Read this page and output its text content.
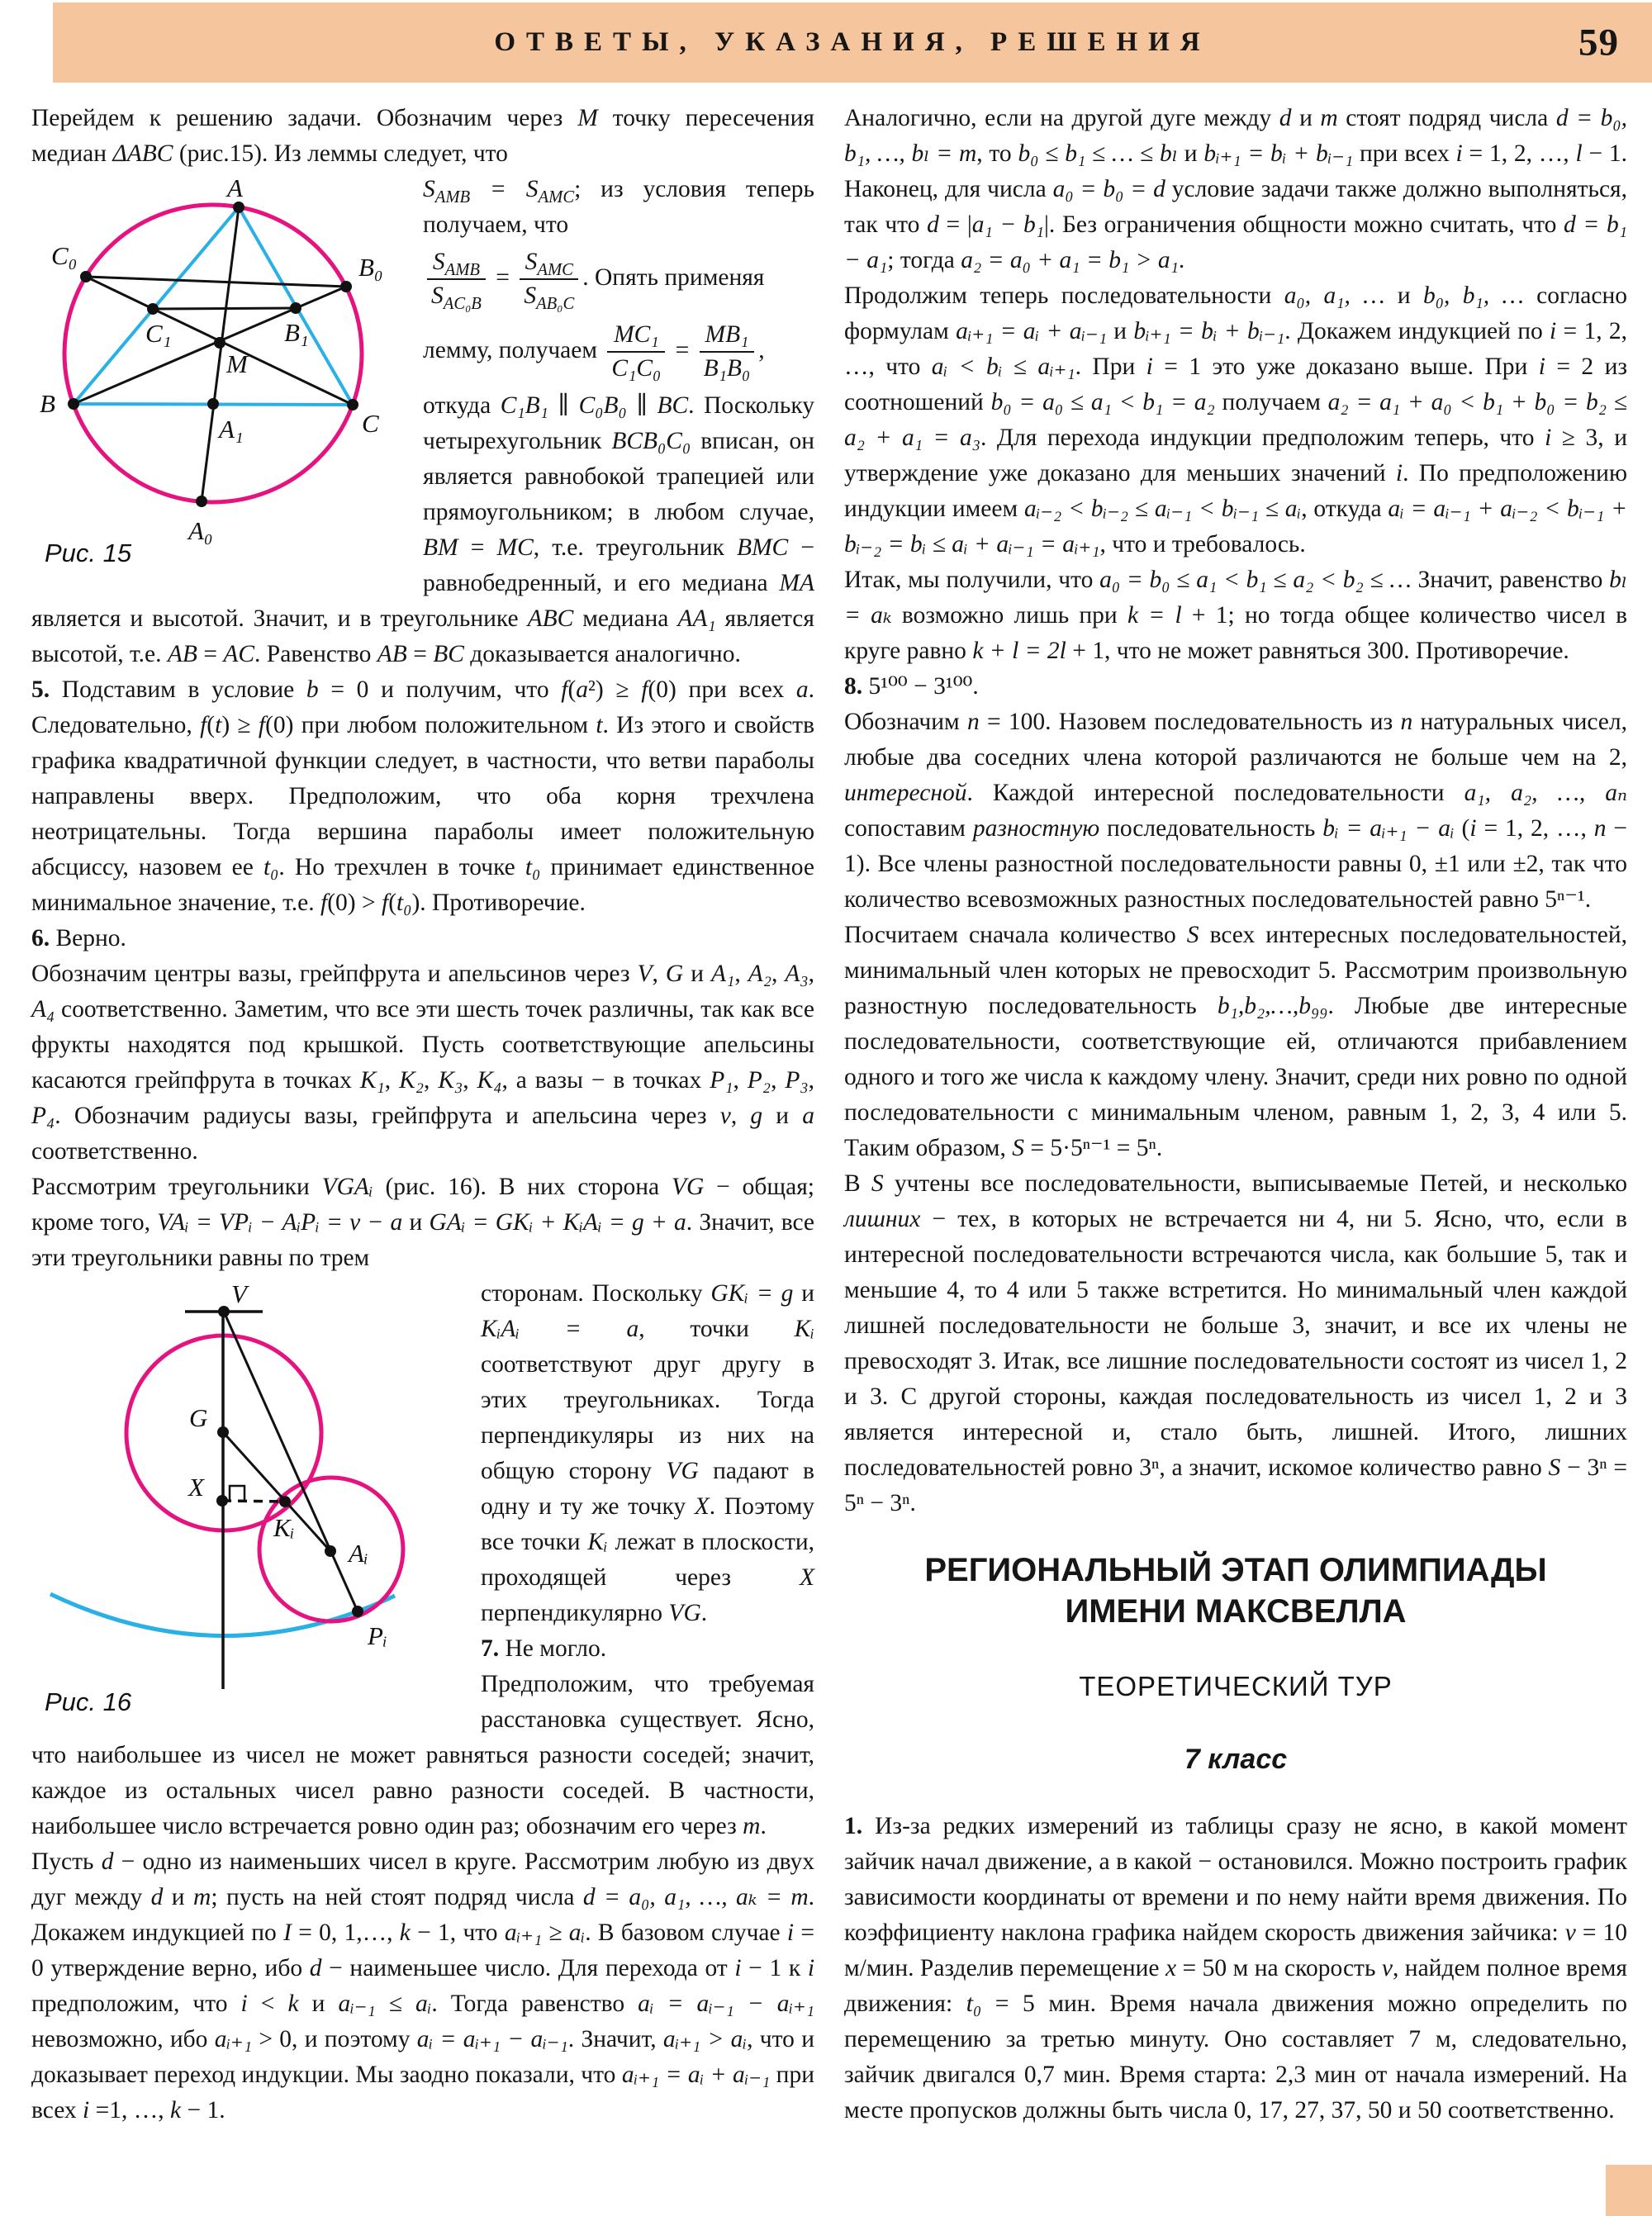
ОТВЕТЫ, УКАЗАНИЯ, РЕШЕНИЯ	59

Перейдем к решению задачи. Обозначим через M точку пересечения медиан ΔABC (рис.15). Из леммы следует, что

A
C₀	B₀
C₁	B₁
M
B
C
A₁
A₀
Рис. 15

$S_{AMB} = S_{AMC}$; из условия теперь получаем, что

$\frac{S_{AMB}}{S_{AC_0B}} = \frac{S_{AMC}}{S_{AB_0C}}$ . Опять применяя

лемму, получаем $\frac{\text{MC₁}}{\text{C₁C₀}} = \frac{\text{MB₁}}{\text{B₁B₀}}$ ,

откуда C₁B₁ ∥ C₀B₀ ∥ BC. Поскольку четырехугольник BCB₀C₀ вписан, он является равнобокой трапецией или прямоугольником; в любом случае, BM = MC, т.е. треугольник BMC − равнобедренный, и его медиана MA является и высотой. Значит, и в треугольнике ABC медиана AA₁ является высотой, т.е. AB = AC. Равенство AB = BC доказывается аналогично.

5. Подставим в условие b = 0 и получим, что f(a²) ≥ f(0) при всех a. Следовательно, f(t) ≥ f(0) при любом положительном t. Из этого и свойств графика квадратичной функции следует, в частности, что ветви параболы направлены вверх. Предположим, что оба корня трехчлена неотрицательны. Тогда вершина параболы имеет положительную абсциссу, назовем ее t₀. Но трехчлен в точке t₀ принимает единственное минимальное значение, т.е. f(0) > f(t₀). Противоречие.

6. Верно.

Обозначим центры вазы, грейпфрута и апельсинов через V, G и A₁, A₂, A₃, A₄ соответственно. Заметим, что все эти шесть точек различны, так как все фрукты находятся под крышкой. Пусть соответствующие апельсины касаются грейпфрута в точках K₁, K₂, K₃, K₄, а вазы − в точках P₁, P₂, P₃, P₄. Обозначим радиусы вазы, грейпфрута и апельсина через v, g и a соответственно.

Рассмотрим треугольники VGAᵢ (рис. 16). В них сторона VG − общая; кроме того, VAᵢ = VPᵢ − AᵢPᵢ = v − a и GAᵢ = GKᵢ + KᵢAᵢ = g + a. Значит, все эти треугольники равны по трем

V
G
X
Kᵢ
Aᵢ
Pᵢ
Рис. 16

сторонам. Поскольку GKᵢ = g и KᵢAᵢ = a, точки Kᵢ соответствуют друг другу в этих треугольниках. Тогда перпендикуляры из них на общую сторону VG падают в одну и ту же точку X. Поэтому все точки Kᵢ лежат в плоскости, проходящей через X перпендикулярно VG.

7. Не могло.

Предположим, что требуемая расстановка существует. Ясно, что наибольшее из чисел не может равняться разности соседей; значит, каждое из остальных чисел равно разности соседей. В частности, наибольшее число встречается ровно один раз; обозначим его через m.

Пусть d − одно из наименьших чисел в круге. Рассмотрим любую из двух дуг между d и m; пусть на ней стоят подряд числа d = a₀, a₁, …, aₖ = m. Докажем индукцией по I = 0, 1,…, k − 1, что aᵢ₊₁ ≥ aᵢ. В базовом случае i = 0 утверждение верно, ибо d − наименьшее число. Для перехода от i − 1 к i предположим, что i < k и aᵢ₋₁ ≤ aᵢ. Тогда равенство aᵢ = aᵢ₋₁ − aᵢ₊₁ невозможно, ибо aᵢ₊₁ > 0, и поэтому aᵢ = aᵢ₊₁ − aᵢ₋₁. Значит, aᵢ₊₁ > aᵢ, что и доказывает переход индукции. Мы заодно показали, что aᵢ₊₁ = aᵢ + aᵢ₋₁ при всех i =1, …, k − 1.

Аналогично, если на другой дуге между d и m стоят подряд числа d = b₀, b₁, …, bₗ = m, то b₀ ≤ b₁ ≤ … ≤ bₗ и bᵢ₊₁ = bᵢ + bᵢ₋₁ при всех i = 1, 2, …, l − 1. Наконец, для числа a₀ = b₀ = d условие задачи также должно выполняться, так что d = |a₁ − b₁|. Без ограничения общности можно считать, что d = b₁ − a₁; тогда a₂ = a₀ + a₁ = b₁ > a₁.

Продолжим теперь последовательности a₀, a₁, … и b₀, b₁, … согласно формулам aᵢ₊₁ = aᵢ + aᵢ₋₁ и bᵢ₊₁ = bᵢ + bᵢ₋₁. Докажем индукцией по i = 1, 2, …, что aᵢ < bᵢ ≤ aᵢ₊₁. При i = 1 это уже доказано выше. При i = 2 из соотношений b₀ = a₀ ≤ a₁ < b₁ = a₂ получаем a₂ = a₁ + a₀ < b₁ + b₀ = b₂ ≤ a₂ + a₁ = a₃. Для перехода индукции предположим теперь, что i ≥ 3, и утверждение уже доказано для меньших значений i. По предположению индукции имеем aᵢ₋₂ < bᵢ₋₂ ≤ aᵢ₋₁ < bᵢ₋₁ ≤ aᵢ, откуда aᵢ = aᵢ₋₁ + aᵢ₋₂ < bᵢ₋₁ + bᵢ₋₂ = bᵢ ≤ aᵢ + aᵢ₋₁ = aᵢ₊₁, что и требовалось.

Итак, мы получили, что a₀ = b₀ ≤ a₁ < b₁ ≤ a₂ < b₂ ≤ … Значит, равенство bₗ = aₖ возможно лишь при k = l + 1; но тогда общее количество чисел в круге равно k + l = 2l + 1, что не может равняться 300. Противоречие.

8. 5¹⁰⁰ − 3¹⁰⁰.

Обозначим n = 100. Назовем последовательность из n натуральных чисел, любые два соседних члена которой различаются не больше чем на 2, интересной. Каждой интересной последовательности a₁, a₂, …, aₙ сопоставим разностную последовательность bᵢ = aᵢ₊₁ − aᵢ (i = 1, 2, …, n − 1). Все члены разностной последовательности равны 0, ±1 или ±2, так что количество всевозможных разностных последовательностей равно 5ⁿ⁻¹.

Посчитаем сначала количество S всех интересных последовательностей, минимальный член которых не превосходит 5. Рассмотрим произвольную разностную последовательность b₁,b₂,…,b₉₉. Любые две интересные последовательности, соответствующие ей, отличаются прибавлением одного и того же числа к каждому члену. Значит, среди них ровно по одной последовательности с минимальным членом, равным 1, 2, 3, 4 или 5. Таким образом, S = 5·5ⁿ⁻¹ = 5ⁿ.

В S учтены все последовательности, выписываемые Петей, и несколько лишних − тех, в которых не встречается ни 4, ни 5. Ясно, что, если в интересной последовательности встречаются числа, как большие 5, так и меньшие 4, то 4 или 5 также встретится. Но минимальный член каждой лишней последовательности не больше 3, значит, и все их члены не превосходят 3. Итак, все лишние последовательности состоят из чисел 1, 2 и 3. С другой стороны, каждая последовательность из чисел 1, 2 и 3 является интересной и, стало быть, лишней. Итого, лишних последовательностей ровно 3ⁿ, а значит, искомое количество равно S − 3ⁿ = 5ⁿ − 3ⁿ.

РЕГИОНАЛЬНЫЙ ЭТАП ОЛИМПИАДЫ ИМЕНИ МАКСВЕЛЛА
ТЕОРЕТИЧЕСКИЙ ТУР
7 класс

1. Из-за редких измерений из таблицы сразу не ясно, в какой момент зайчик начал движение, а в какой − остановился. Можно построить график зависимости координаты от времени и по нему найти время движения. По коэффициенту наклона графика найдем скорость движения зайчика: v = 10 м/мин. Разделив перемещение x = 50 м на скорость v, найдем полное время движения: t₀ = 5 мин. Время начала движения можно определить по перемещению за третью минуту. Оно составляет 7 м, следовательно, зайчик двигался 0,7 мин. Время старта: 2,3 мин от начала измерений. На месте пропусков должны быть числа 0, 17, 27, 37, 50 и 50 соответственно.
